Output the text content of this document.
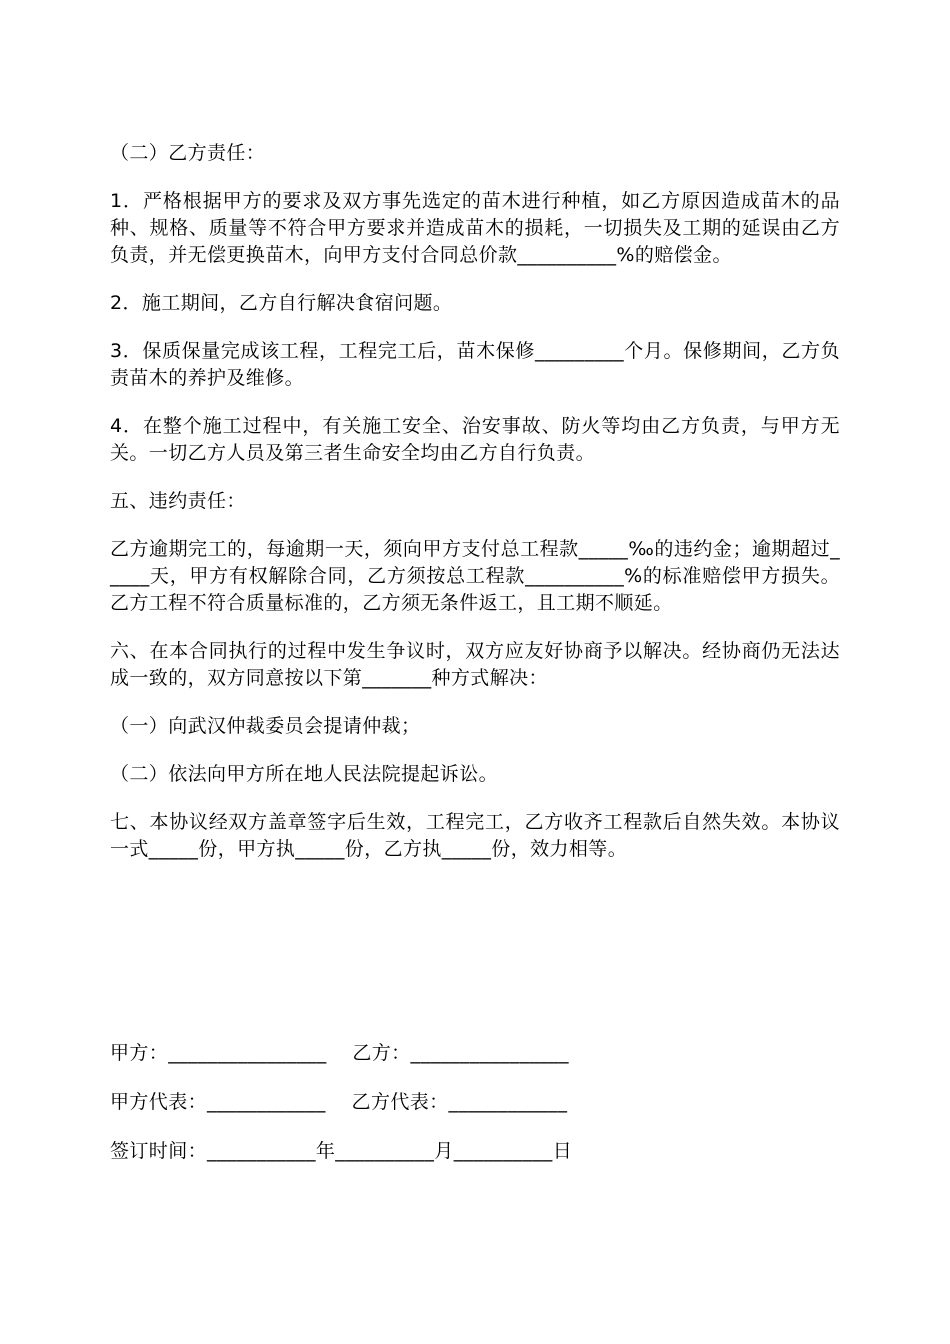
（二）乙方责任：

1．严格根据甲方的要求及双方事先选定的苗木进行种植，如乙方原因造成苗木的品种、规格、质量等不符合甲方要求并造成苗木的损耗，一切损失及工期的延误由乙方负责，并无偿更换苗木，向甲方支付合同总价款__________%的赔偿金。

2．施工期间，乙方自行解决食宿问题。

3．保质保量完成该工程，工程完工后，苗木保修_________个月。保修期间，乙方负责苗木的养护及维修。

4．在整个施工过程中，有关施工安全、治安事故、防火等均由乙方负责，与甲方无关。一切乙方人员及第三者生命安全均由乙方自行负责。

五、违约责任：

乙方逾期完工的，每逾期一天，须向甲方支付总工程款_____‰的违约金；逾期超过_____天，甲方有权解除合同，乙方须按总工程款__________%的标准赔偿甲方损失。乙方工程不符合质量标准的，乙方须无条件返工，且工期不顺延。

六、在本合同执行的过程中发生争议时，双方应友好协商予以解决。经协商仍无法达成一致的，双方同意按以下第_______种方式解决：

（一）向武汉仲裁委员会提请仲裁；

（二）依法向甲方所在地人民法院提起诉讼。

七、本协议经双方盖章签字后生效，工程完工，乙方收齐工程款后自然失效。本协议一式_____份，甲方执_____份，乙方执_____份，效力相等。

甲方：________________    乙方：________________
甲方代表：____________    乙方代表：____________
签订时间：___________年__________月__________日
